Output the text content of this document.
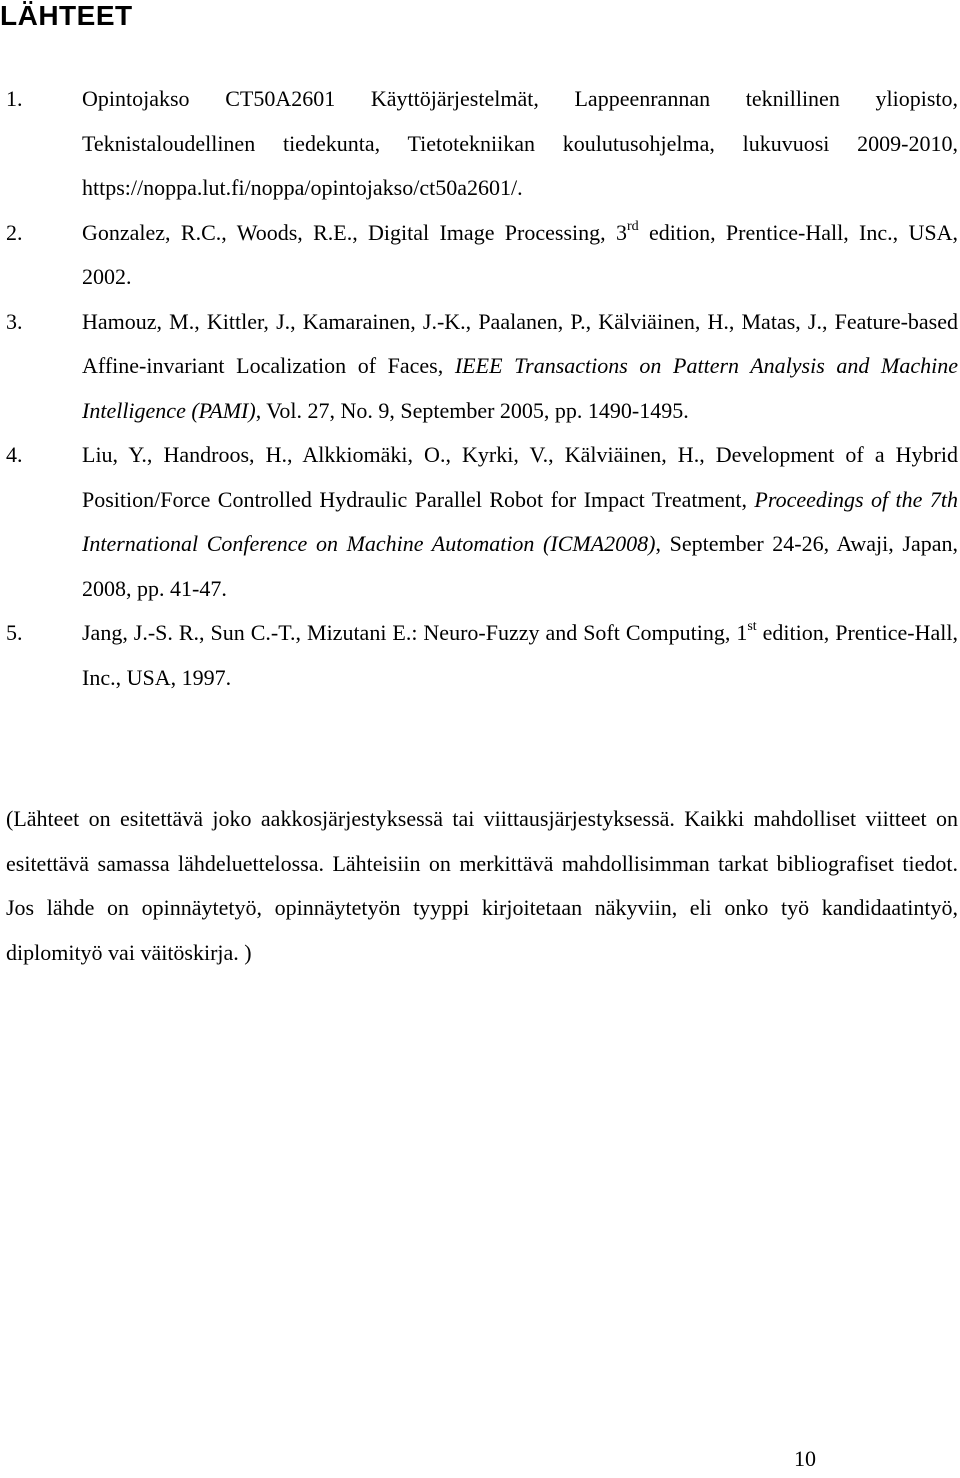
LÄHTEET
1.	Opintojakso CT50A2601 Käyttöjärjestelmät, Lappeenrannan teknillinen yliopisto, Teknistaloudellinen tiedekunta, Tietotekniikan koulutusohjelma, lukuvuosi 2009-2010, https://noppa.lut.fi/noppa/opintojakso/ct50a2601/.
2.	Gonzalez, R.C., Woods, R.E., Digital Image Processing, 3rd edition, Prentice-Hall, Inc., USA, 2002.
3.	Hamouz, M., Kittler, J., Kamarainen, J.-K., Paalanen, P., Kälviäinen, H., Matas, J., Feature-based Affine-invariant Localization of Faces, IEEE Transactions on Pattern Analysis and Machine Intelligence (PAMI), Vol. 27, No. 9, September 2005, pp. 1490-1495.
4.	Liu, Y., Handroos, H., Alkkiomäki, O., Kyrki, V., Kälviäinen, H., Development of a Hybrid Position/Force Controlled Hydraulic Parallel Robot for Impact Treatment, Proceedings of the 7th International Conference on Machine Automation (ICMA2008), September 24-26, Awaji, Japan, 2008, pp. 41-47.
5.	Jang, J.-S. R., Sun C.-T., Mizutani E.: Neuro-Fuzzy and Soft Computing, 1st edition, Prentice-Hall, Inc., USA, 1997.

(Lähteet on esitettävä joko aakkosjärjestyksessä tai viittausjärjestyksessä. Kaikki mahdolliset viitteet on esitettävä samassa lähdeluettelossa. Lähteisiin on merkittävä mahdollisimman tarkat bibliografiset tiedot. Jos lähde on opinnäytetyö, opinnäytetyön tyyppi kirjoitetaan näkyviin, eli onko työ kandidaatintyö, diplomityö vai väitöskirja. )

10
